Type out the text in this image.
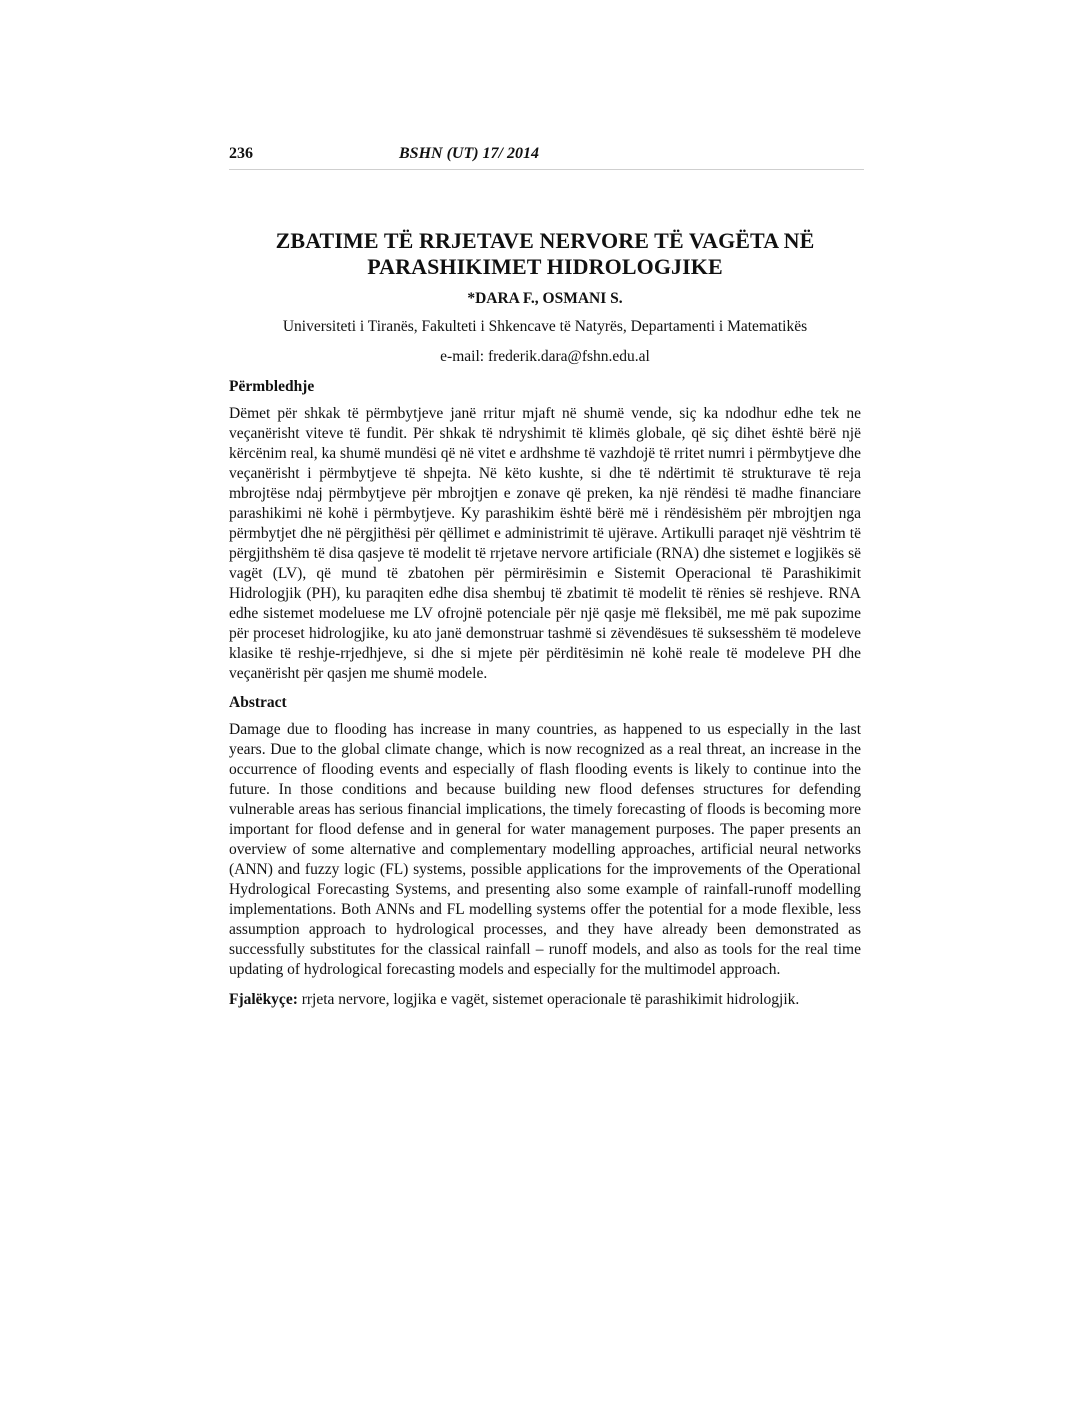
236	BSHN (UT) 17/ 2014
ZBATIME TË RRJETAVE NERVORE TË VAGËTA NË PARASHIKIMET HIDROLOGJIKE

*DARA F., OSMANI S.

Universiteti i Tiranës, Fakulteti i Shkencave të Natyrës, Departamenti i Matematikës

e-mail: frederik.dara@fshn.edu.al

Përmbledhje

Dëmet për shkak të përmbytjeve janë rritur mjaft në shumë vende, siç ka ndodhur edhe tek ne veçanërisht viteve të fundit. Për shkak të ndryshimit të klimës globale, që siç dihet është bërë një kërcënim real, ka shumë mundësi që në vitet e ardhshme të vazhdojë të rritet numri i përmbytjeve dhe veçanërisht i përmbytjeve të shpejta. Në këto kushte, si dhe të ndërtimit të strukturave të reja mbrojtëse ndaj përmbytjeve për mbrojtjen e zonave që preken, ka një rëndësi të madhe financiare parashikimi në kohë i përmbytjeve. Ky parashikim është bërë më i rëndësishëm për mbrojtjen nga përmbytjet dhe në përgjithësi për qëllimet e administrimit të ujërave. Artikulli paraqet një vështrim të përgjithshëm të disa qasjeve të modelit të rrjetave nervore artificiale (RNA) dhe sistemet e logjikës së vagët (LV), që mund të zbatohen për përmirësimin e Sistemit Operacional të Parashikimit Hidrologjik (PH), ku paraqiten edhe disa shembuj të zbatimit të modelit të rënies së reshjeve. RNA edhe sistemet modeluese me LV ofrojnë potenciale për një qasje më fleksibël, me më pak supozime për proceset hidrologjike, ku ato janë demonstruar tashmë si zëvendësues të suksesshëm të modeleve klasike të reshje-rrjedhjeve, si dhe si mjete për përditësimin në kohë reale të modeleve PH dhe veçanërisht për qasjen me shumë modele.

Abstract

Damage due to flooding has increase in many countries, as happened to us especially in the last years. Due to the global climate change, which is now recognized as a real threat, an increase in the occurrence of flooding events and especially of flash flooding events is likely to continue into the future. In those conditions and because building new flood defenses structures for defending vulnerable areas has serious financial implications, the timely forecasting of floods is becoming more important for flood defense and in general for water management purposes. The paper presents an overview of some alternative and complementary modelling approaches, artificial neural networks (ANN) and fuzzy logic (FL) systems, possible applications for the improvements of the Operational Hydrological Forecasting Systems, and presenting also some example of rainfall-runoff modelling implementations. Both ANNs and FL modelling systems offer the potential for a mode flexible, less assumption approach to hydrological processes, and they have already been demonstrated as successfully substitutes for the classical rainfall – runoff models, and also as tools for the real time updating of hydrological forecasting models and especially for the multimodel approach.

Fjalëkyçe: rrjeta nervore, logjika e vagët, sistemet operacionale të parashikimit hidrologjik.
